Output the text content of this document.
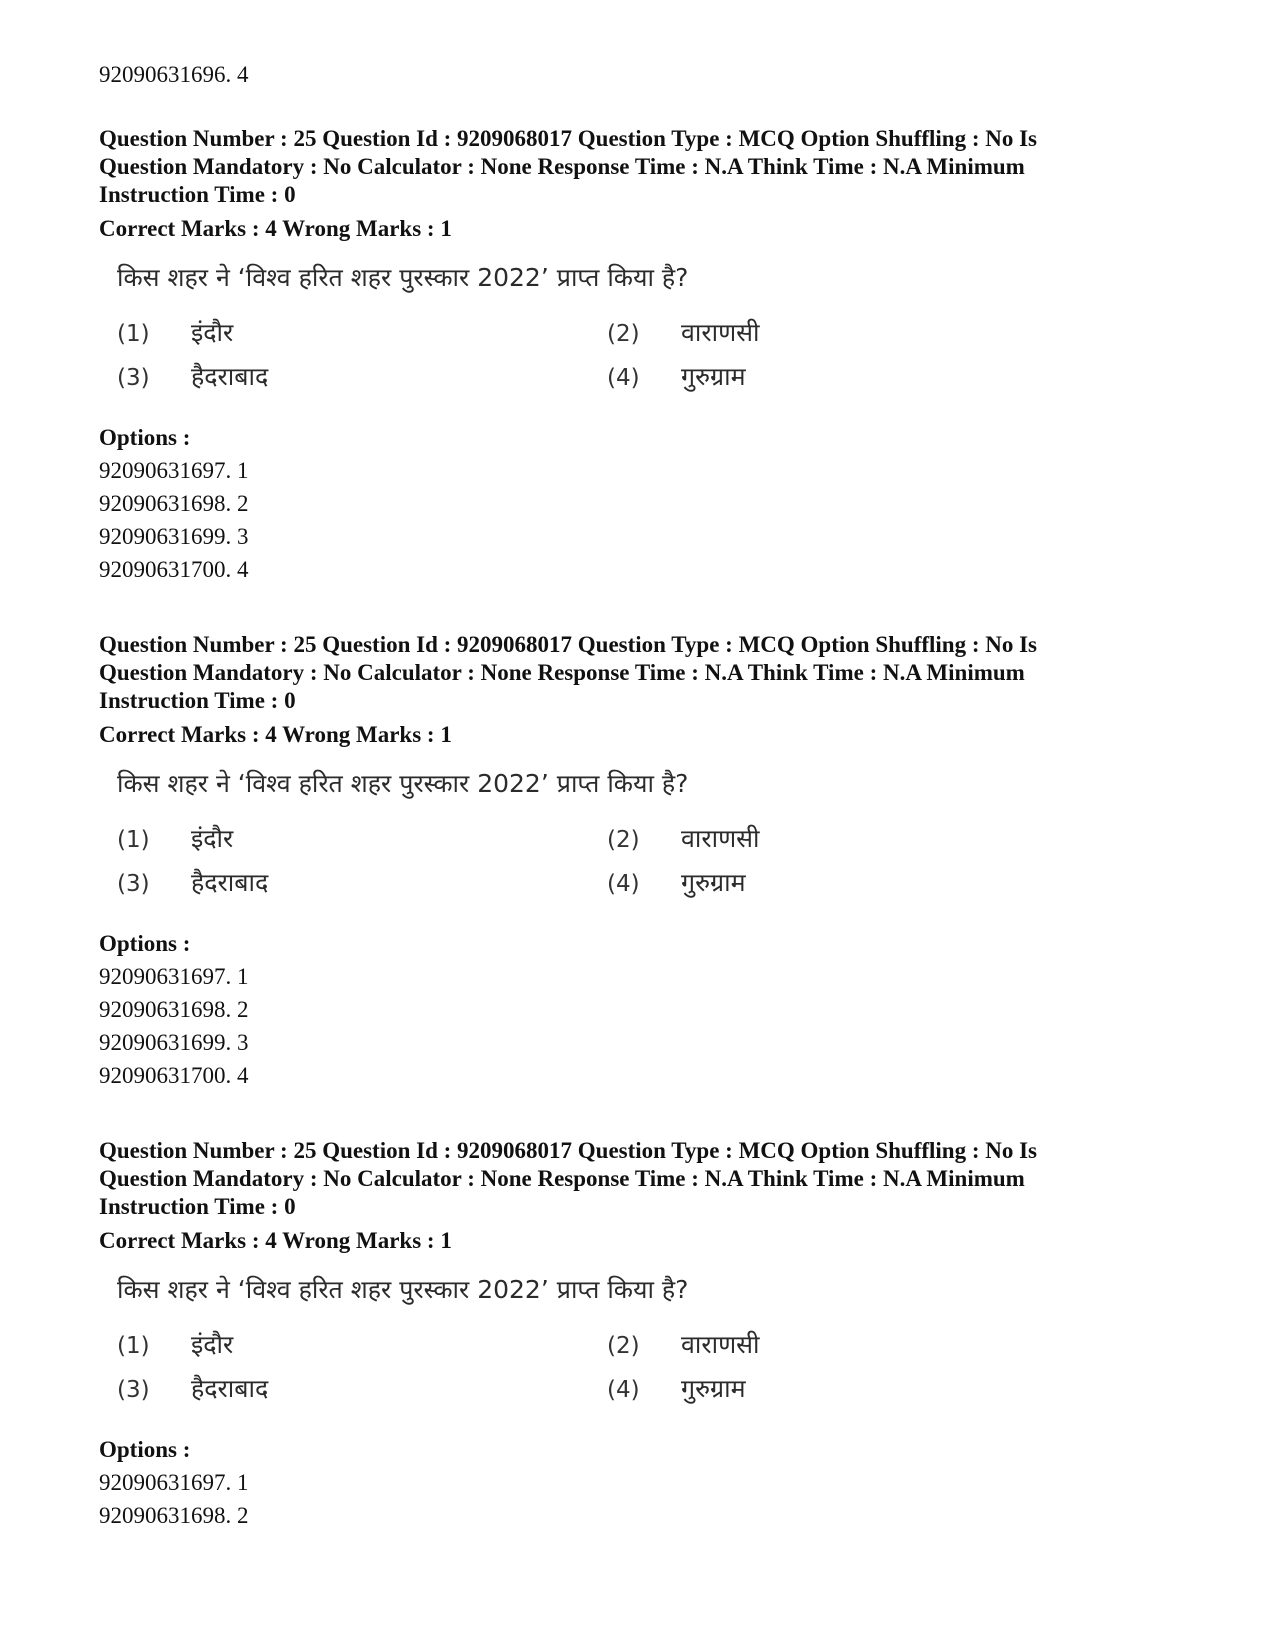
92090631696. 4
Question Number : 25 Question Id : 9209068017 Question Type : MCQ Option Shuffling : No Is
Question Mandatory : No Calculator : None Response Time : N.A Think Time : N.A Minimum
Instruction Time : 0
Correct Marks : 4 Wrong Marks : 1
किस शहर ने ‘विश्व हरित शहर पुरस्कार 2022’ प्राप्त किया है?
(1) इंदौर	(2) वाराणसी
(3) हैदराबाद	(4) गुरुग्राम
Options :
92090631697. 1
92090631698. 2
92090631699. 3
92090631700. 4
Question Number : 25 Question Id : 9209068017 Question Type : MCQ Option Shuffling : No Is
Question Mandatory : No Calculator : None Response Time : N.A Think Time : N.A Minimum
Instruction Time : 0
Correct Marks : 4 Wrong Marks : 1
किस शहर ने ‘विश्व हरित शहर पुरस्कार 2022’ प्राप्त किया है?
(1) इंदौर	(2) वाराणसी
(3) हैदराबाद	(4) गुरुग्राम
Options :
92090631697. 1
92090631698. 2
92090631699. 3
92090631700. 4
Question Number : 25 Question Id : 9209068017 Question Type : MCQ Option Shuffling : No Is
Question Mandatory : No Calculator : None Response Time : N.A Think Time : N.A Minimum
Instruction Time : 0
Correct Marks : 4 Wrong Marks : 1
किस शहर ने ‘विश्व हरित शहर पुरस्कार 2022’ प्राप्त किया है?
(1) इंदौर	(2) वाराणसी
(3) हैदराबाद	(4) गुरुग्राम
Options :
92090631697. 1
92090631698. 2
